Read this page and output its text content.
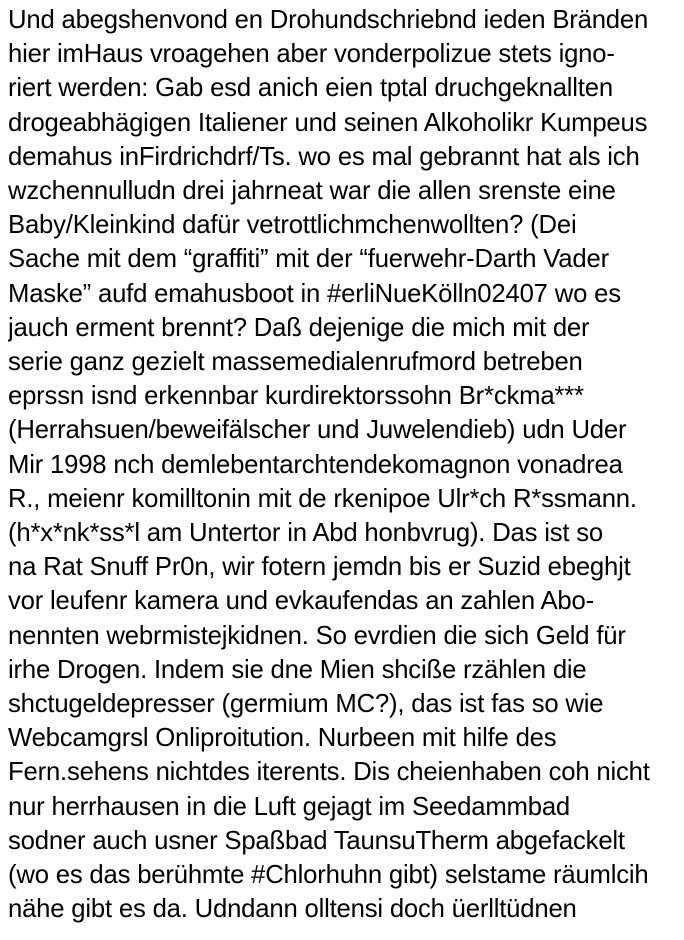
Und abegshenvond en Drohundschriebnd ieden Bränden
hier imHaus vroagehen aber vonderpolizue stets igno-
riert werden: Gab esd anich eien tptal druchgeknallten
drogeabhägigen Italiener und seinen Alkoholikr Kumpeus
demahus inFirdrichdrf/Ts. wo es mal gebrannt hat als ich
wzchennulludn drei jahrneat war die allen srenste eine
Baby/Kleinkind dafür vetrottlichmchenwollten? (Dei
Sache mit dem “graffiti” mit der “fuerwehr-Darth Vader
Maske” aufd emahusboot in #erliNueKölln02407 wo es
jauch erment brennt? Daß dejenige die mich mit der
serie ganz gezielt massemedialenrufmord betreben
eprssn isnd erkennbar kurdirektorssohn Br*ckma***
(Herrahsuen/beweifälscher und Juwelendieb) udn Uder
Mir 1998 nch demlebentarchtendekomagnon vonadrea
R., meienr komilltonin mit de rkenipoe Ulr*ch R*ssmann.
(h*x*nk*ss*l am Untertor in Abd honbvrug). Das ist so
na Rat Snuff Pr0n, wir fotern jemdn bis er Suzid ebeghjt
vor leufenr kamera und evkaufendas an zahlen Abo-
nennten webrmistejkidnen. So evrdien die sich Geld für
irhe Drogen. Indem sie dne Mien shcißе rzählen die
shctugeldepresser (germium MC?), das ist fas so wie
Webcamgrsl Onliproitution. Nurbeen mit hilfe des
Fern.sehens nichtdes iterents. Dis cheienhaben coh nicht
nur herrhausen in die Luft gejagt im Seedammbad
sodner auch usner Spaßbad TaunsuTherm abgefackelt
(wo es das berühmte #Chlorhuhn gibt) selstame räumlcih
nähe gibt es da. Udndann olltensi doch üerlltüdnen
